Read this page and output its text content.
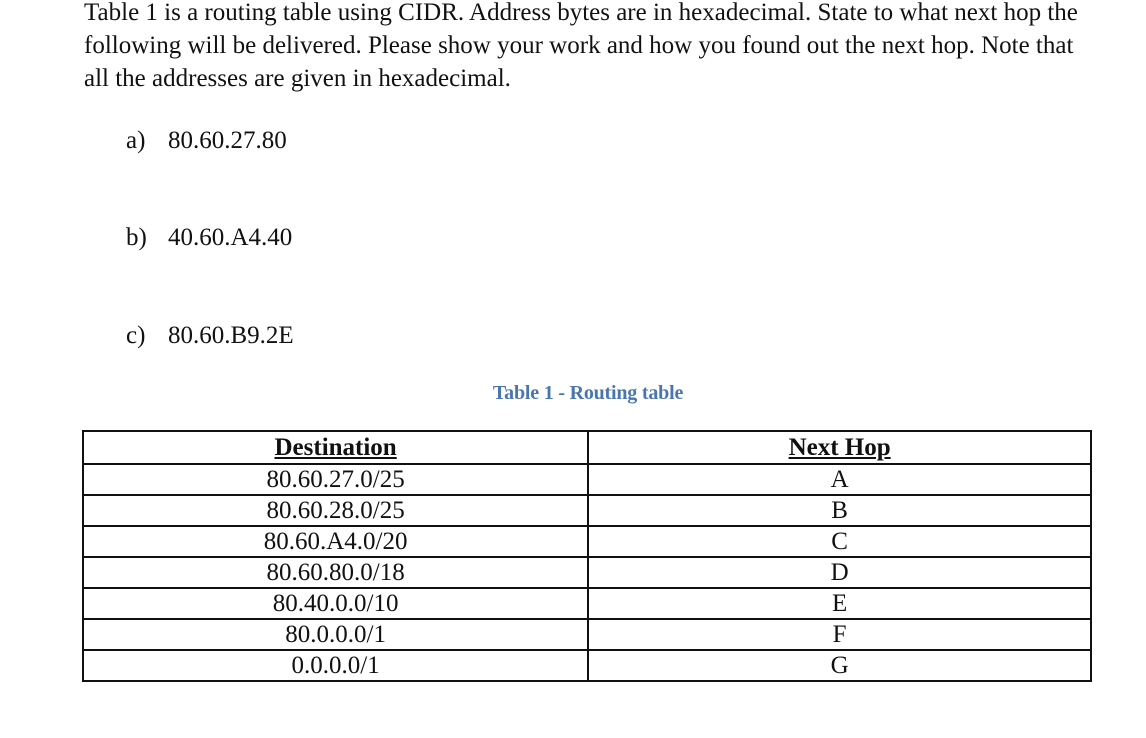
Table 1 is a routing table using CIDR. Address bytes are in hexadecimal. State to what next hop the following will be delivered. Please show your work and how you found out the next hop. Note that all the addresses are given in hexadecimal.

a) 80.60.27.80
b) 40.60.A4.40
c) 80.60.B9.2E
Table 1 - Routing table
Destination	Next Hop
80.60.27.0/25	A
80.60.28.0/25	B
80.60.A4.0/20	C
80.60.80.0/18	D
80.40.0.0/10	E
80.0.0.0/1	F
0.0.0.0/1	G
